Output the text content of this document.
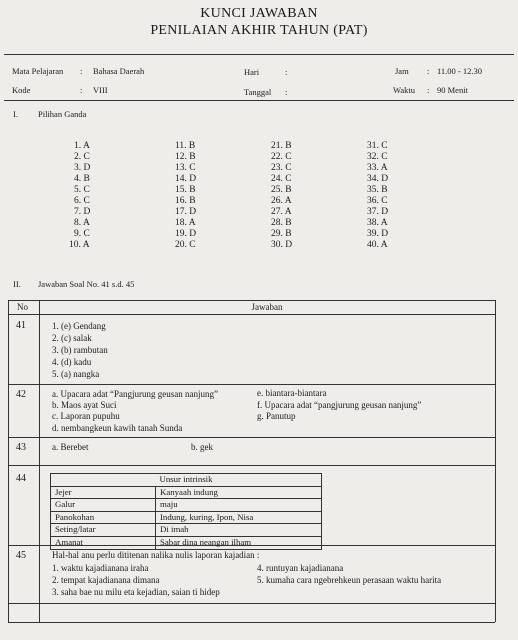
KUNCI JAWABAN
PENILAIAN AKHIR TAHUN (PAT)
Mata Pelajaran : Bahasa Daerah
Kode	: VIII
Hari	:
Tanggal :
Jam : 11.00 - 12.30
Waktu : 90 Menit
I. Pilihan Ganda
1. A
2. C
3. D
4. B
5. C
6. C
7. D
8. A
9. C
10. A
11. B
12. B
13. C
14. D
15. B
16. B
17. D
18. A
19. D
20. C
21. B
22. C
23. C
24. C
25. B
26. A
27. A
28. B
29. B
30. D
31. C
32. C
33. A
34. D
35. B
36. C
37. D
38. A
39. D
40. A
II. Jawaban Soal No. 41 s.d. 45
No	Jawaban
41	1. (e) Gendang
2. (c) salak
3. (b) rambutan
4. (d) kadu
5. (a) nangka
42	a. Upacara adat “Pangjurung geusan nanjung”	e. biantara-biantara
b. Maos ayat Suci	f. Upacara adat “pangjurung geusan nanjung”
c. Laporan pupuhu	g. Panutup
d. nembangkeun kawih tanah Sunda
43	a. Berebet	b. gek
44	Unsur intrinsik	
Jejer	Kanyaah indung
Galur	maju
Panokohan	Indung, kuring, Ipon, Nisa
Seting/latar	Di imah
Amanat	Sabar dina neangan ilham
45	Hal-hal anu perlu dititenan nalika nulis laporan kajadian :
1. waktu kajadianana iraha	4. runtuyan kajadianana
2. tempat kajadianana dimana	5. kumaha cara ngebrehkeun perasaan waktu harita
3. saha bae nu milu eta kejadian, saian ti hidep
